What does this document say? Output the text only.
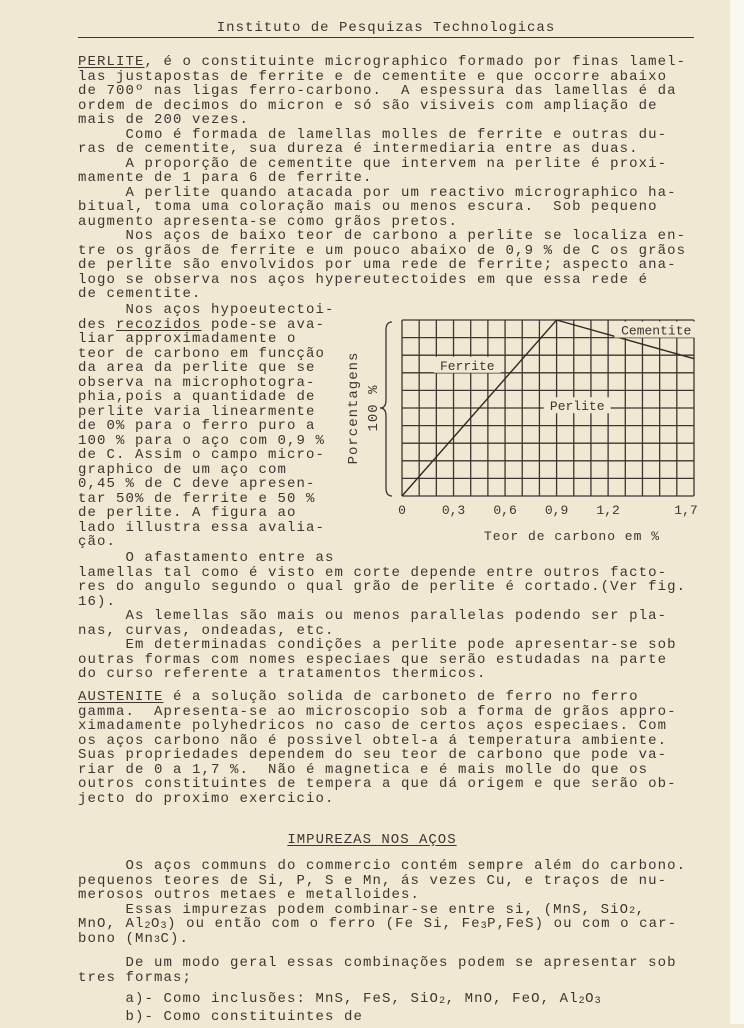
Instituto de Pesquizas Technologicas
PERLITE, é o constituinte micrographico formado por finas lamel-
las justapostas de ferrite e de cementite e que occorre abaixo
de 700º nas ligas ferro-carbono.  A espessura das lamellas é da
ordem de decimos do micron e só são visiveis com ampliação de
mais de 200 vezes.
Como é formada de lamellas molles de ferrite e outras du-
ras de cementite, sua dureza é intermediaria entre as duas.
A proporção de cementite que intervem na perlite é proxi-
mamente de 1 para 6 de ferrite.
A perlite quando atacada por um reactivo micrographico ha-
bitual, toma uma coloração mais ou menos escura.  Sob pequeno
augmento apresenta-se como grãos pretos.
Nos aços de baixo teor de carbono a perlite se localiza en-
tre os grãos de ferrite e um pouco abaixo de 0,9 % de C os grãos
de perlite são envolvidos por uma rede de ferrite; aspecto ana-
logo se observa nos aços hypereutectoides em que essa rede é
de cementite.
Nos aços hypoeutectoi-
des recozidos pode-se ava-
liar approximadamente o
teor de carbono em funcção
da area da perlite que se
observa na microphotogra-
phia,pois a quantidade de
perlite varia linearmente
de 0% para o ferro puro a
100 % para o aço com 0,9 %
de C. Assim o campo micro-
graphico de um aço com
0,45 % de C deve apresen-
tar 50% de ferrite e 50 %
de perlite. A figura ao
lado illustra essa avalia-
ção.
O afastamento entre as
lamellas tal como é visto em corte depende entre outros facto-
res do angulo segundo o qual grão de perlite é cortado.(Ver fig.
16).
As lemellas são mais ou menos parallelas podendo ser pla-
nas, curvas, ondeadas, etc.
Em determinadas condições a perlite pode apresentar-se sob
outras formas com nomes especiaes que serão estudadas na parte
do curso referente a tratamentos thermicos.
AUSTENITE é a solução solida de carboneto de ferro no ferro
gamma.  Apresenta-se ao microscopio sob a forma de grãos appro-
ximadamente polyhedricos no caso de certos aços especiaes. Com
os aços carbono não é possivel obtel-a á temperatura ambiente.
Suas propriedades dependem do seu teor de carbono que pode va-
riar de 0 a 1,7 %.  Não é magnetica e é mais molle do que os
outros constituintes de tempera a que dá origem e que serão ob-
jecto do proximo exercicio.
IMPUREZAS NOS AÇOS
Os aços communs do commercio contém sempre além do carbono.
pequenos teores de Si, P, S e Mn, ás vezes Cu, e traços de nu-
merosos outros metaes e metalloides.
Essas impurezas podem combinar-se entre si, (MnS, SiO2,
MnO, Al2O3) ou então com o ferro (Fe Si, Fe3P,FeS) ou com o car-
bono (Mn3C).
De um modo geral essas combinações podem se apresentar sob
tres formas;
a)- Como inclusões: MnS, FeS, SiO2, MnO, FeO, Al2O3
b)- Como constituintes de
Ferrite
Perlite
Cementite
0	0,3 0,6 0,9 1,2	1,7
Porcentagens 100 %
Teor de carbono em %
